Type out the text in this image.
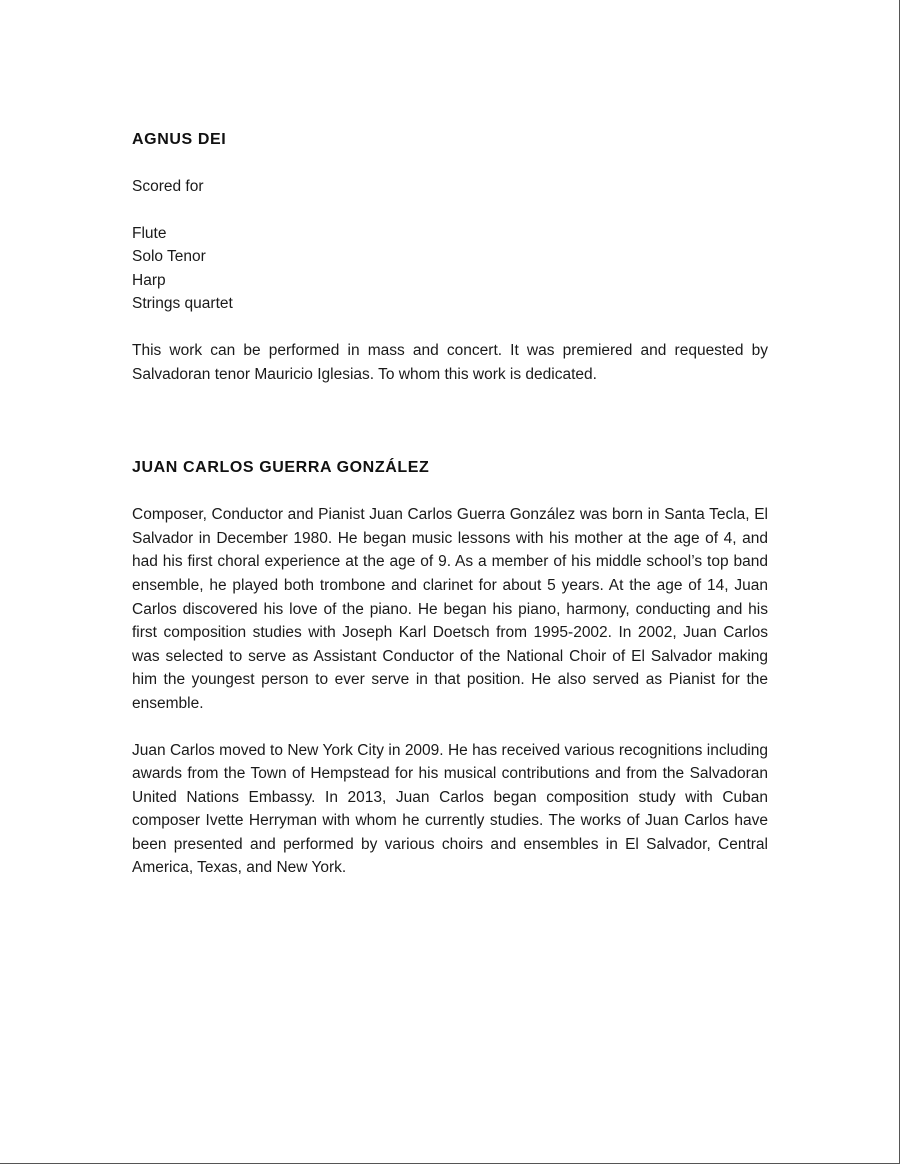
AGNUS DEI

Scored for

Flute

Solo Tenor

Harp

Strings quartet

This work can be performed in mass and concert. It was premiered and requested by Salvadoran tenor Mauricio Iglesias. To whom this work is dedicated.

JUAN CARLOS GUERRA GONZÁLEZ

Composer, Conductor and Pianist Juan Carlos Guerra González was born in Santa Tecla, El Salvador in December 1980. He began music lessons with his mother at the age of 4, and had his first choral experience at the age of 9. As a member of his middle school’s top band ensemble, he played both trombone and clarinet for about 5 years. At the age of 14, Juan Carlos discovered his love of the piano. He began his piano, harmony, conducting and his first composition studies with Joseph Karl Doetsch from 1995-2002. In 2002, Juan Carlos was selected to serve as Assistant Conductor of the National Choir of El Salvador making him the youngest person to ever serve in that position. He also served as Pianist for the ensemble.

Juan Carlos moved to New York City in 2009. He has received various recognitions including awards from the Town of Hempstead for his musical contributions and from the Salvadoran United Nations Embassy. In 2013, Juan Carlos began composition study with Cuban composer Ivette Herryman with whom he currently studies. The works of Juan Carlos have been presented and performed by various choirs and ensembles in El Salvador, Central America, Texas, and New York.
